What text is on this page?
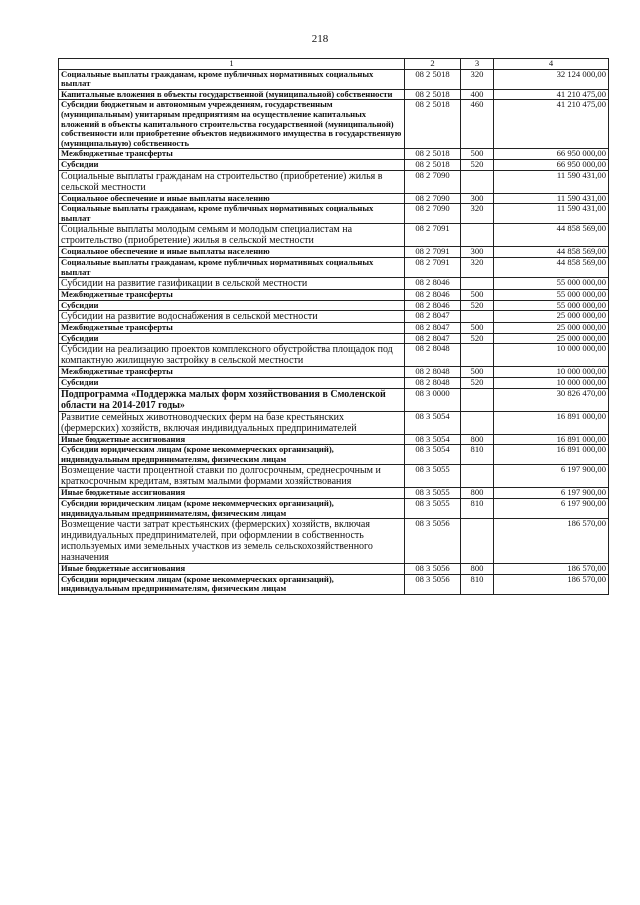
218
1	2	3	4
Социальные выплаты гражданам, кроме публичных нормативных социальных выплат	08 2 5018	320	32 124 000,00
Капитальные вложения в объекты государственной (муниципальной) собственности	08 2 5018	400	41 210 475,00
Субсидии бюджетным и автономным учреждениям, государственным (муниципальным) унитарным предприятиям на осуществление капитальных вложений в объекты капитального строительства государственной (муниципальной) собственности или приобретение объектов недвижимого имущества в государственную (муниципальную) собственность	08 2 5018	460	41 210 475,00
Межбюджетные трансферты	08 2 5018	500	66 950 000,00
Субсидии	08 2 5018	520	66 950 000,00
Социальные выплаты гражданам на строительство (приобретение) жилья в сельской местности	08 2 7090		11 590 431,00
Социальное обеспечение и иные выплаты населению	08 2 7090	300	11 590 431,00
Социальные выплаты гражданам, кроме публичных нормативных социальных выплат	08 2 7090	320	11 590 431,00
Социальные выплаты молодым семьям и молодым специалистам на строительство (приобретение) жилья в сельской местности	08 2 7091		44 858 569,00
Социальное обеспечение и иные выплаты населению	08 2 7091	300	44 858 569,00
Социальные выплаты гражданам, кроме публичных нормативных социальных выплат	08 2 7091	320	44 858 569,00
Субсидии на развитие газификации в сельской местности	08 2 8046		55 000 000,00
Межбюджетные трансферты	08 2 8046	500	55 000 000,00
Субсидии	08 2 8046	520	55 000 000,00
Субсидии на развитие водоснабжения в сельской местности	08 2 8047		25 000 000,00
Межбюджетные трансферты	08 2 8047	500	25 000 000,00
Субсидии	08 2 8047	520	25 000 000,00
Субсидии на реализацию проектов комплексного обустройства площадок под компактную жилищную застройку в сельской местности	08 2 8048		10 000 000,00
Межбюджетные трансферты	08 2 8048	500	10 000 000,00
Субсидии	08 2 8048	520	10 000 000,00
Подпрограмма «Поддержка малых форм хозяйствования в Смоленской области на 2014-2017 годы»	08 3 0000		30 826 470,00
Развитие семейных животноводческих ферм на базе крестьянских (фермерских) хозяйств, включая индивидуальных предпринимателей	08 3 5054		16 891 000,00
Иные бюджетные ассигнования	08 3 5054	800	16 891 000,00
Субсидии юридическим лицам (кроме некоммерческих организаций), индивидуальным предпринимателям, физическим лицам	08 3 5054	810	16 891 000,00
Возмещение части процентной ставки по долгосрочным, среднесрочным и краткосрочным кредитам, взятым малыми формами хозяйствования	08 3 5055		6 197 900,00
Иные бюджетные ассигнования	08 3 5055	800	6 197 900,00
Субсидии юридическим лицам (кроме некоммерческих организаций), индивидуальным предпринимателям, физическим лицам	08 3 5055	810	6 197 900,00
Возмещение части затрат крестьянских (фермерских) хозяйств, включая индивидуальных предпринимателей, при оформлении в собственность используемых ими земельных участков из земель сельскохозяйственного назначения	08 3 5056		186 570,00
Иные бюджетные ассигнования	08 3 5056	800	186 570,00
Субсидии юридическим лицам (кроме некоммерческих организаций), индивидуальным предпринимателям, физическим лицам	08 3 5056	810	186 570,00
